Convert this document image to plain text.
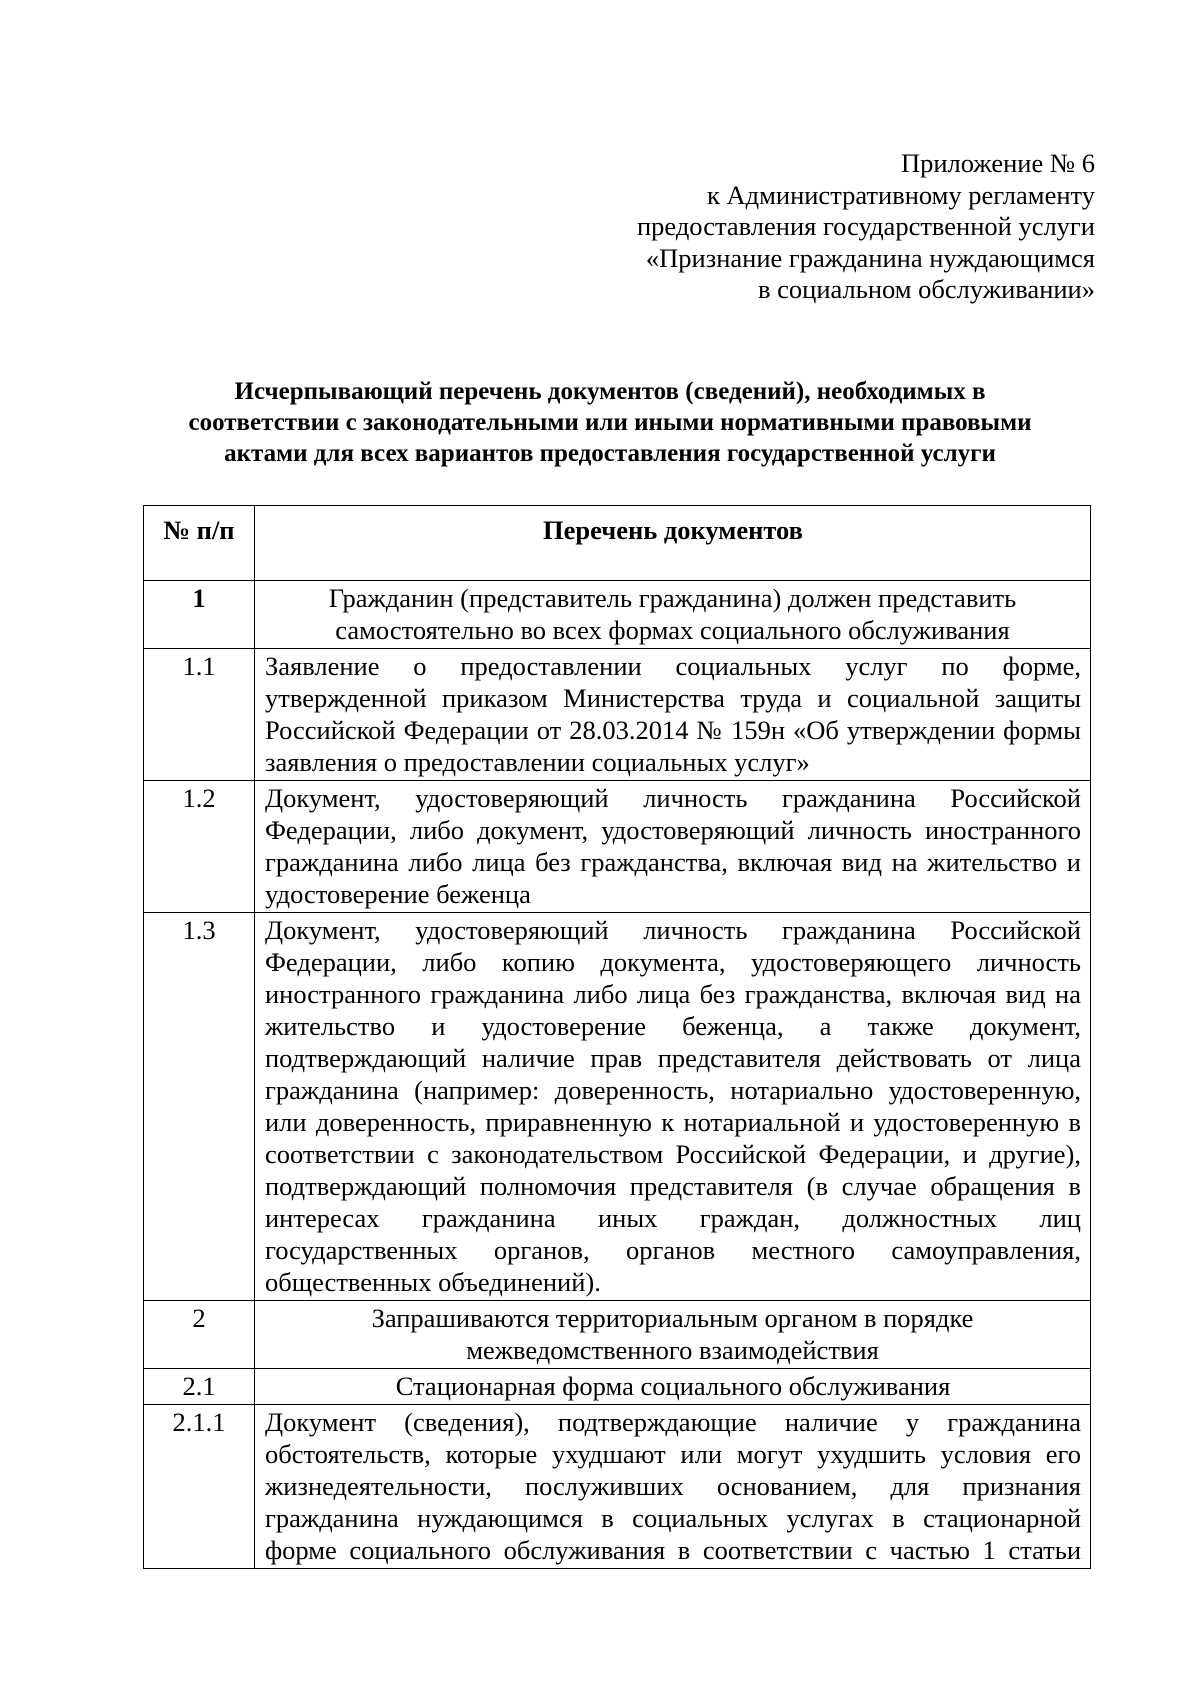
Приложение № 6
к Административному регламенту
предоставления государственной услуги
«Признание гражданина нуждающимся
в социальном обслуживании»
Исчерпывающий перечень документов (сведений), необходимых в
соответствии с законодательными или иными нормативными правовыми
актами для всех вариантов предоставления государственной услуги
№ п/п	Перечень документов
1	Гражданин (представитель гражданина) должен представить самостоятельно во всех формах социального обслуживания
1.1	Заявление о предоставлении социальных услуг по форме, утвержденной приказом Министерства труда и социальной защиты Российской Федерации от 28.03.2014 № 159н «Об утверждении формы заявления о предоставлении социальных услуг»
1.2	Документ, удостоверяющий личность гражданина Российской Федерации, либо документ, удостоверяющий личность иностранного гражданина либо лица без гражданства, включая вид на жительство и удостоверение беженца
1.3	Документ, удостоверяющий личность гражданина Российской Федерации, либо копию документа, удостоверяющего личность иностранного гражданина либо лица без гражданства, включая вид на жительство и удостоверение беженца, а также документ, подтверждающий наличие прав представителя действовать от лица гражданина (например: доверенность, нотариально удостоверенную, или доверенность, приравненную к нотариальной и удостоверенную в соответствии с законодательством Российской Федерации, и другие), подтверждающий полномочия представителя (в случае обращения в интересах гражданина иных граждан, должностных лиц государственных органов, органов местного самоуправления, общественных объединений).
2	Запрашиваются территориальным органом в порядке межведомственного взаимодействия
2.1	Стационарная форма социального обслуживания
2.1.1	Документ (сведения), подтверждающие наличие у гражданина обстоятельств, которые ухудшают или могут ухудшить условия его жизнедеятельности, послуживших основанием, для признания гражданина нуждающимся в социальных услугах в стационарной форме социального обслуживания в соответствии с частью 1 статьи
